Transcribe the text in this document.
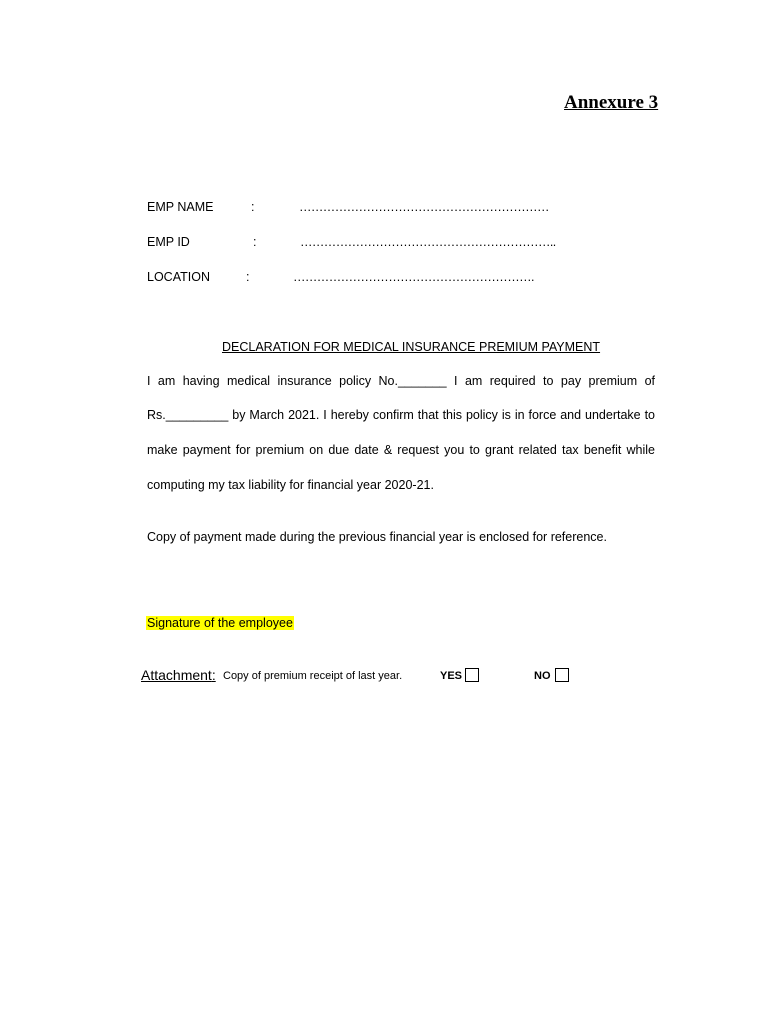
Annexure 3
EMP NAME	:	………………………………………………………
EMP ID	:	………………………………………………………..
LOCATION	:	…………………………………………………….
DECLARATION FOR MEDICAL INSURANCE PREMIUM PAYMENT
I am having medical insurance policy No._______ I am required to pay premium of
Rs._________ by March 2021. I hereby confirm that this policy is in force and undertake to
make payment for premium on due date & request you to grant related tax benefit while
computing my tax liability for financial year 2020-21.
Copy of payment made during the previous financial year is enclosed for reference.
Signature of the employee
Attachment: Copy of premium receipt of last year.	YES	NO
